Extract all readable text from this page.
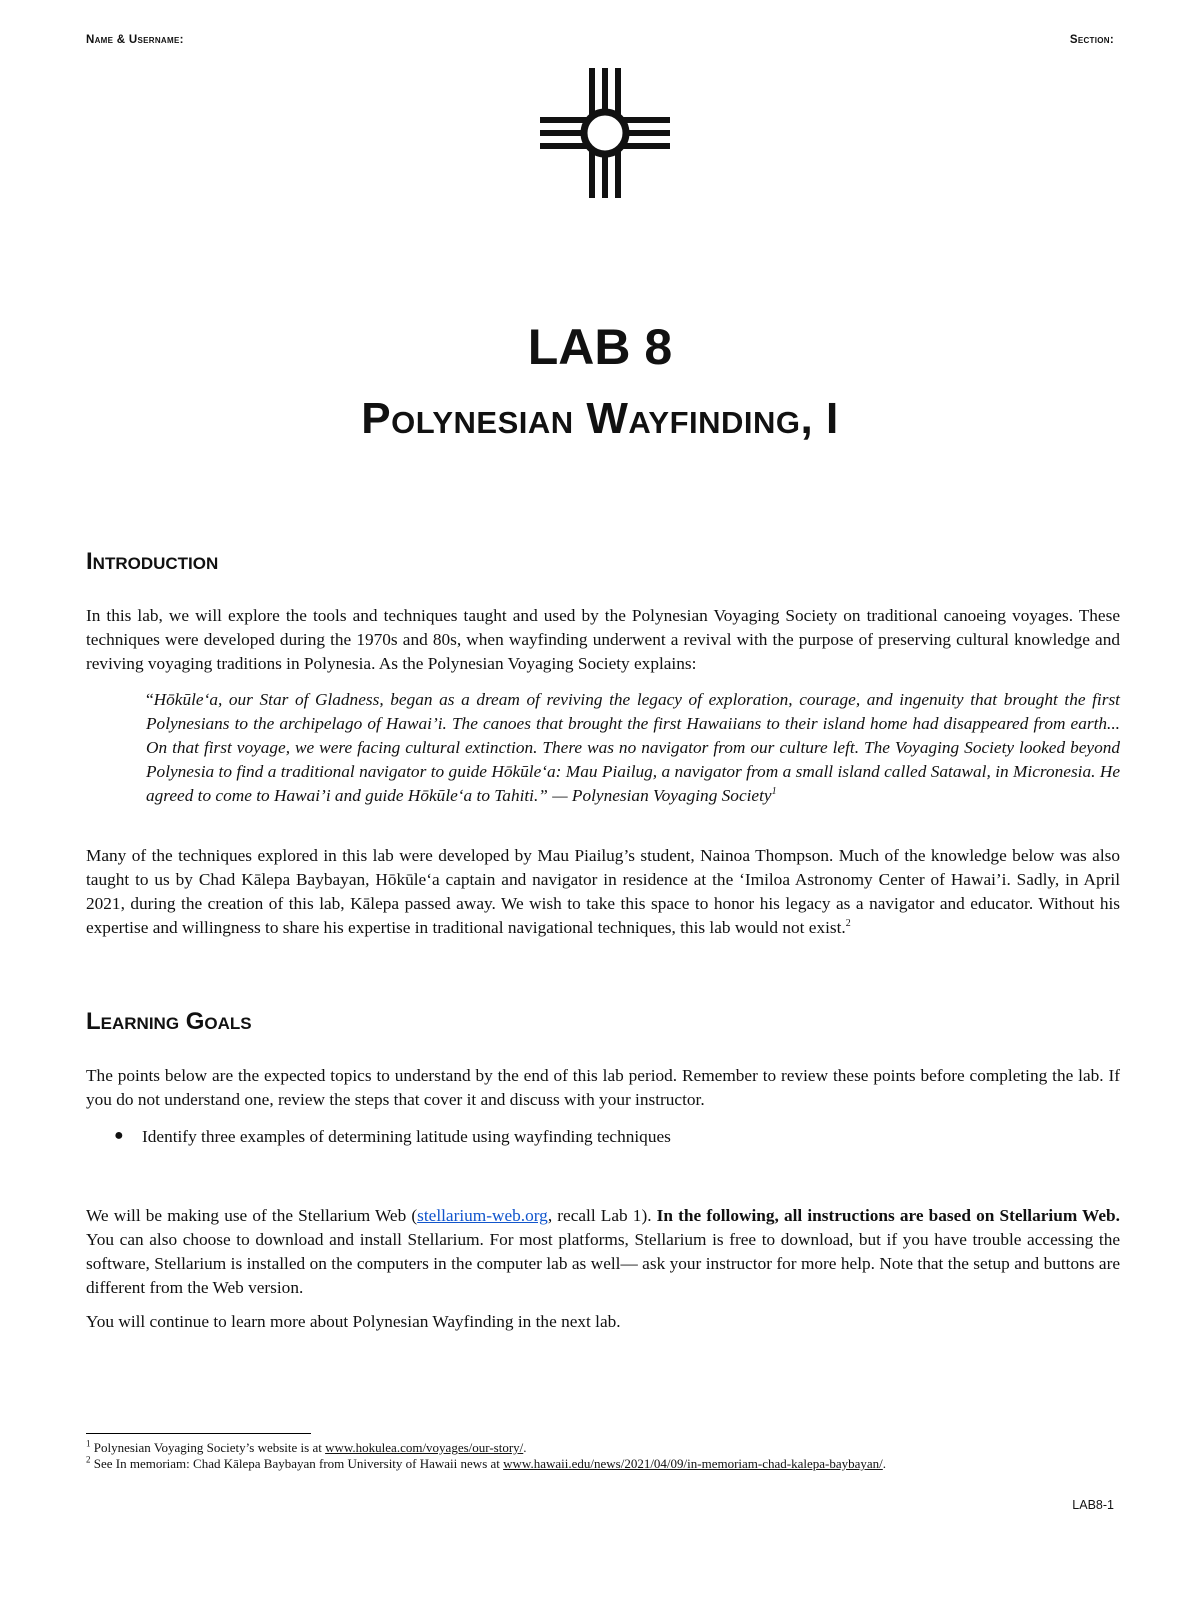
Name & Username:	Section:
LAB 8
Polynesian Wayfinding, I
Introduction
In this lab, we will explore the tools and techniques taught and used by the Polynesian Voyaging Society on traditional canoeing voyages. These techniques were developed during the 1970s and 80s, when wayfinding underwent a revival with the purpose of preserving cultural knowledge and reviving voyaging traditions in Polynesia. As the Polynesian Voyaging Society explains:
“Hōkūle‘a, our Star of Gladness, began as a dream of reviving the legacy of exploration, courage, and ingenuity that brought the first Polynesians to the archipelago of Hawai’i. The canoes that brought the first Hawaiians to their island home had disappeared from earth... On that first voyage, we were facing cultural extinction. There was no navigator from our culture left. The Voyaging Society looked beyond Polynesia to find a traditional navigator to guide Hōkūle‘a: Mau Piailug, a navigator from a small island called Satawal, in Micronesia. He agreed to come to Hawai’i and guide Hōkūle‘a to Tahiti.” — Polynesian Voyaging Society$^1$
Many of the techniques explored in this lab were developed by Mau Piailug’s student, Nainoa Thompson. Much of the knowledge below was also taught to us by Chad Kālepa Baybayan, Hōkūle‘a captain and navigator in residence at the ‘Imiloa Astronomy Center of Hawai’i. Sadly, in April 2021, during the creation of this lab, Kālepa passed away. We wish to take this space to honor his legacy as a navigator and educator. Without his expertise and willingness to share his expertise in traditional navigational techniques, this lab would not exist.$^2$
Learning Goals
The points below are the expected topics to understand by the end of this lab period. Remember to review these points before completing the lab. If you do not understand one, review the steps that cover it and discuss with your instructor.
● Identify three examples of determining latitude using wayfinding techniques
We will be making use of the Stellarium Web (stellarium-web.org, recall Lab 1). In the following, all instructions are based on Stellarium Web. You can also choose to download and install Stellarium. For most platforms, Stellarium is free to download, but if you have trouble accessing the software, Stellarium is installed on the computers in the computer lab as well— ask your instructor for more help. Note that the setup and buttons are different from the Web version.
You will continue to learn more about Polynesian Wayfinding in the next lab.
$^1$ Polynesian Voyaging Society’s website is at www.hokulea.com/voyages/our-story/.
$^2$ See In memoriam: Chad Kālepa Baybayan from University of Hawaii news at www.hawaii.edu/news/2021/04/09/in-memoriam-chad-kalepa-baybayan/.
LAB8-1
